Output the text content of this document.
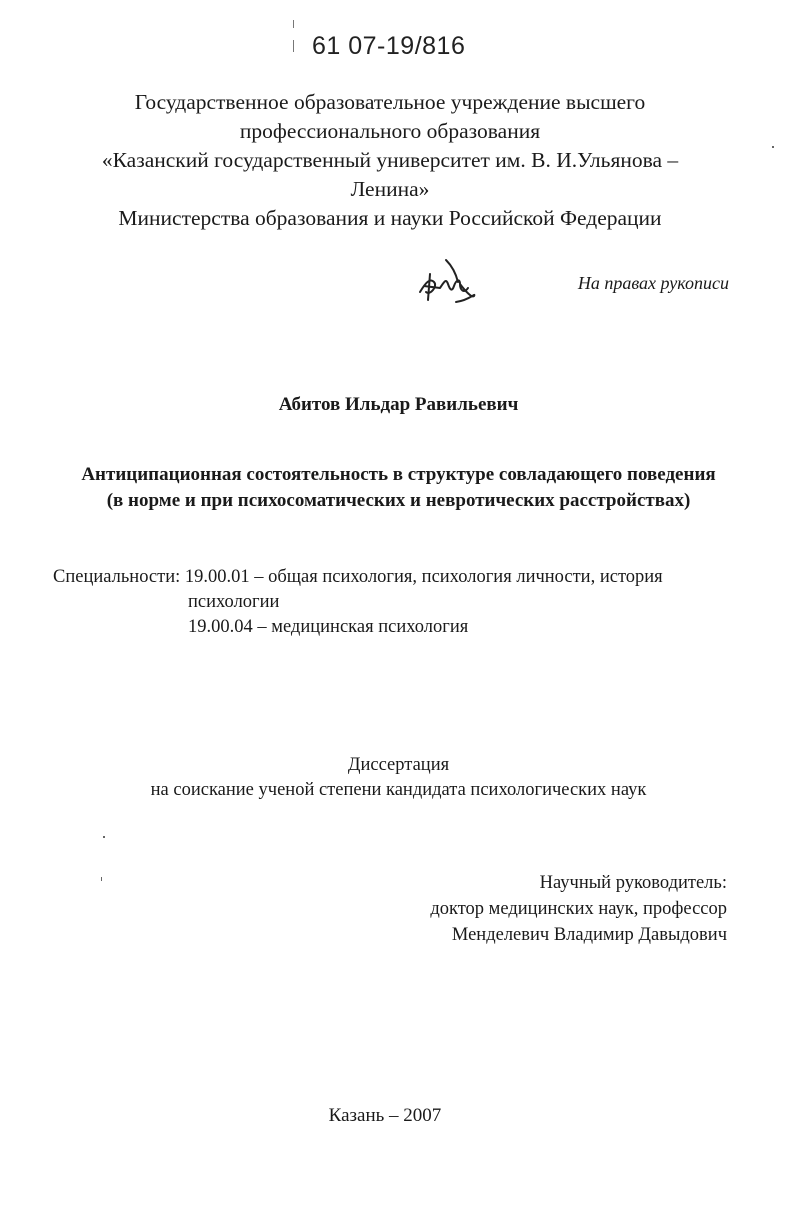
61 07-19/816
Государственное образовательное учреждение высшего
профессионального образования
«Казанский государственный университет им. В. И.Ульянова –
Ленина»
Министерства образования и науки Российской Федерации
На правах рукописи
Абитов Ильдар Равильевич
Антиципационная состоятельность в структуре совладающего поведения
(в норме и при психосоматических и невротических расстройствах)
Специальности: 19.00.01 – общая психология, психология личности, история
психологии
19.00.04 – медицинская психология
Диссертация
на соискание ученой степени кандидата психологических наук
Научный руководитель:
доктор медицинских наук, профессор
Менделевич Владимир Давыдович
Казань – 2007
